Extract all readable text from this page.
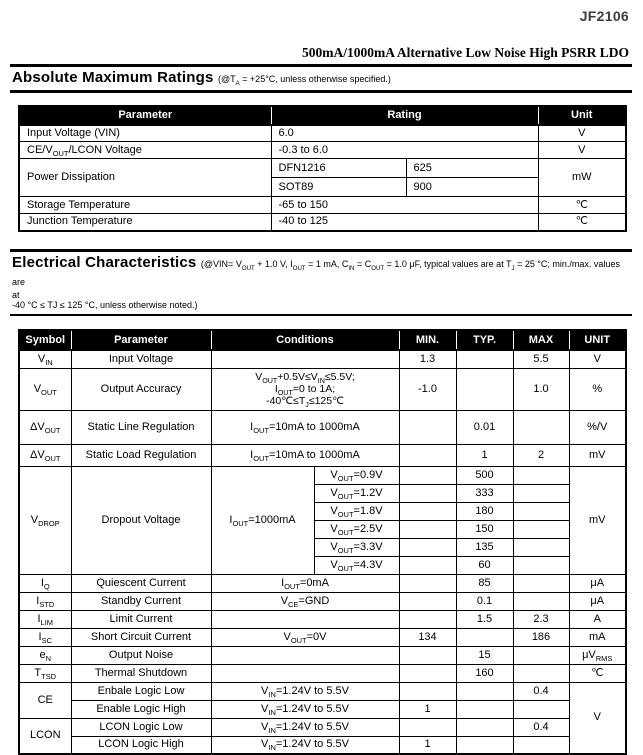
JF2106
500mA/1000mA Alternative Low Noise High PSRR LDO
Absolute Maximum Ratings ($@T_A = +25^\circ C$, unless otherwise specified.)
Parameter	Rating		Unit
Input Voltage (VIN)	6.0		V
$CE/V_{OUT}$/LCON Voltage	-0.3 to 6.0		V
Power Dissipation	DFN1216	625	mW
	SOT89	900	
Storage Temperature	-65 to 150		℃
Junction Temperature	-40 to 125		℃
Electrical Characteristics (@VIN= $V_{OUT} + 1.0$ V, $I_{OUT} = 1$ mA, $C_{IN} = C_{OUT} = 1.0$ μF, typical values are at $T_J = 25$ °C; min./max. values are
at
-40 °C ≤ TJ ≤ 125 °C, unless otherwise noted.)
Symbol	Parameter	Conditions		MIN.	TYP.	MAX	UNIT
$V_{IN}$	Input Voltage			1.3		5.5	V
$V_{OUT}$	Output Accuracy	$V_{OUT}+0.5V\le V_{IN}\le 5.5V$;
$I_{OUT}=0$ to 1A;
$-40℃\le T_J\le 125℃$		-1.0		1.0	%
$\Delta V_{OUT}$	Static Line Regulation	$I_{OUT}=10mA$ to 1000mA			0.01		%/V
$\Delta V_{OUT}$	Static Load Regulation	$I_{OUT}=10mA$ to 1000mA			1	2	mV
$V_{DROP}$	Dropout Voltage	$I_{OUT}=1000mA$	$V_{OUT}=0.9V$		500		mV
			$V_{OUT}=1.2V$		333		
			$V_{OUT}=1.8V$		180		
			$V_{OUT}=2.5V$		150		
			$V_{OUT}=3.3V$		135		
			$V_{OUT}=4.3V$		60		
$I_Q$	Quiescent Current	$I_{OUT}=0mA$			85		μA
$I_{STD}$	Standby Current	$V_{CE}=GND$			0.1		μA
$I_{LIM}$	Limit Current				1.5	2.3	A
$I_{SC}$	Short Circuit Current	$V_{OUT}=0V$		134		186	mA
$e_N$	Output Noise				15		$\mu V_{RMS}$
$T_{TSD}$	Thermal Shutdown				160		℃
CE	Enbale Logic Low	$V_{IN}=1.24V$ to 5.5V				0.4	V
	Enable Logic High	$V_{IN}=1.24V$ to 5.5V		1			
LCON	LCON Logic Low	$V_{IN}=1.24V$ to 5.5V				0.4	
	LCON Logic High	$V_{IN}=1.24V$ to 5.5V		1			
